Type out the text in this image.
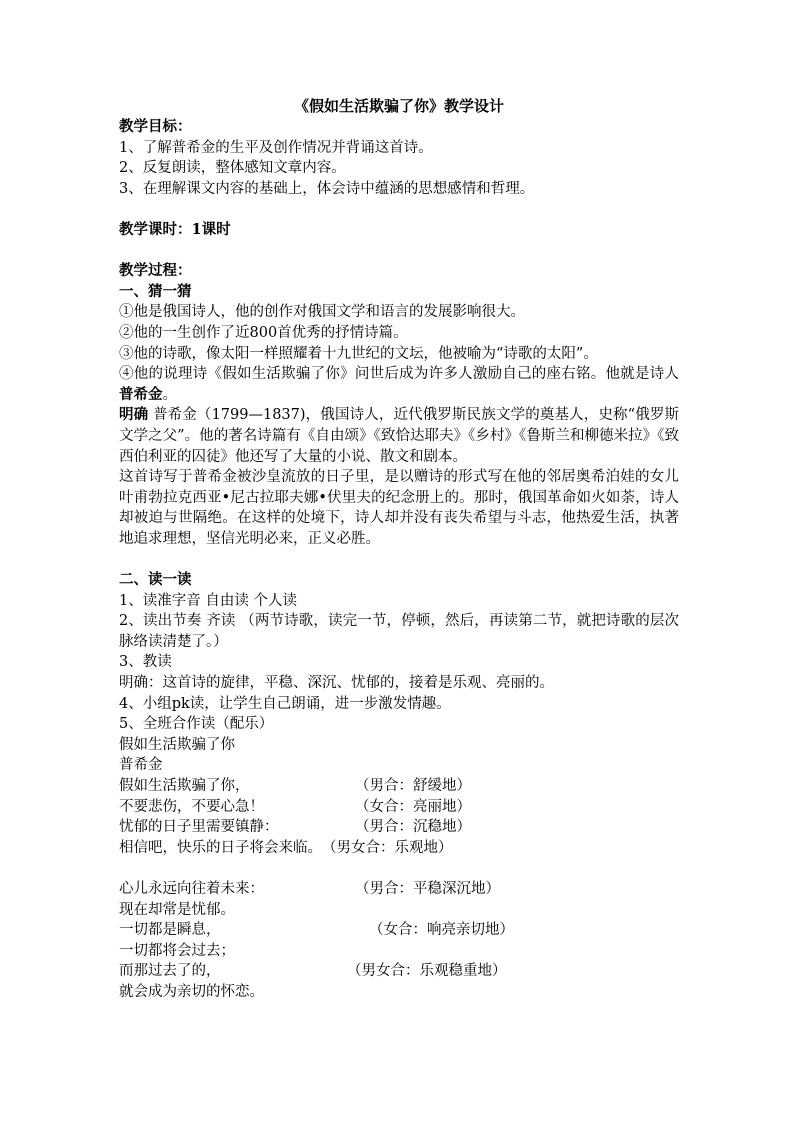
《假如生活欺骗了你》教学设计
教学目标：
1、了解普希金的生平及创作情况并背诵这首诗。
2、反复朗读，整体感知文章内容。
3、在理解课文内容的基础上，体会诗中蕴涵的思想感情和哲理。
教学课时：1课时
教学过程：
一、猜一猜
①他是俄国诗人，他的创作对俄国文学和语言的发展影响很大。
②他的一生创作了近800首优秀的抒情诗篇。
③他的诗歌，像太阳一样照耀着十九世纪的文坛，他被喻为“诗歌的太阳”。
④他的说理诗《假如生活欺骗了你》问世后成为许多人激励自己的座右铭。他就是诗人普希金。
明确 普希金（1799—1837)，俄国诗人，近代俄罗斯民族文学的奠基人，史称“俄罗斯文学之父”。他的著名诗篇有《自由颂》《致恰达耶夫》《乡村》《鲁斯兰和柳德米拉》《致西伯利亚的囚徒》他还写了大量的小说、散文和剧本。
这首诗写于普希金被沙皇流放的日子里，是以赠诗的形式写在他的邻居奥希泊娃的女儿叶甫勃拉克西亚•尼古拉耶夫娜•伏里夫的纪念册上的。那时，俄国革命如火如荼，诗人却被迫与世隔绝。在这样的处境下，诗人却并没有丧失希望与斗志，他热爱生活，执著地追求理想，坚信光明必来，正义必胜。
二、读一读
1、读准字音 自由读 个人读
2、读出节奏 齐读 （两节诗歌，读完一节，停顿，然后，再读第二节，就把诗歌的层次脉络读清楚了。）
3、教读
明确：这首诗的旋律，平稳、深沉、忧郁的，接着是乐观、亮丽的。
4、小组pk读，让学生自己朗诵，进一步激发情趣。
5、全班合作读（配乐）
假如生活欺骗了你
普希金
假如生活欺骗了你，	（男合：舒缓地）
不要悲伤，不要心急！	（女合：亮丽地）
忧郁的日子里需要镇静：	（男合：沉稳地）
相信吧，快乐的日子将会来临。 （男女合：乐观地）
心儿永远向往着未来：	（男合：平稳深沉地）
现在却常是忧郁。
一切都是瞬息，	（女合：响亮亲切地）
一切都将会过去；
而那过去了的，	（男女合：乐观稳重地）
就会成为亲切的怀恋。
